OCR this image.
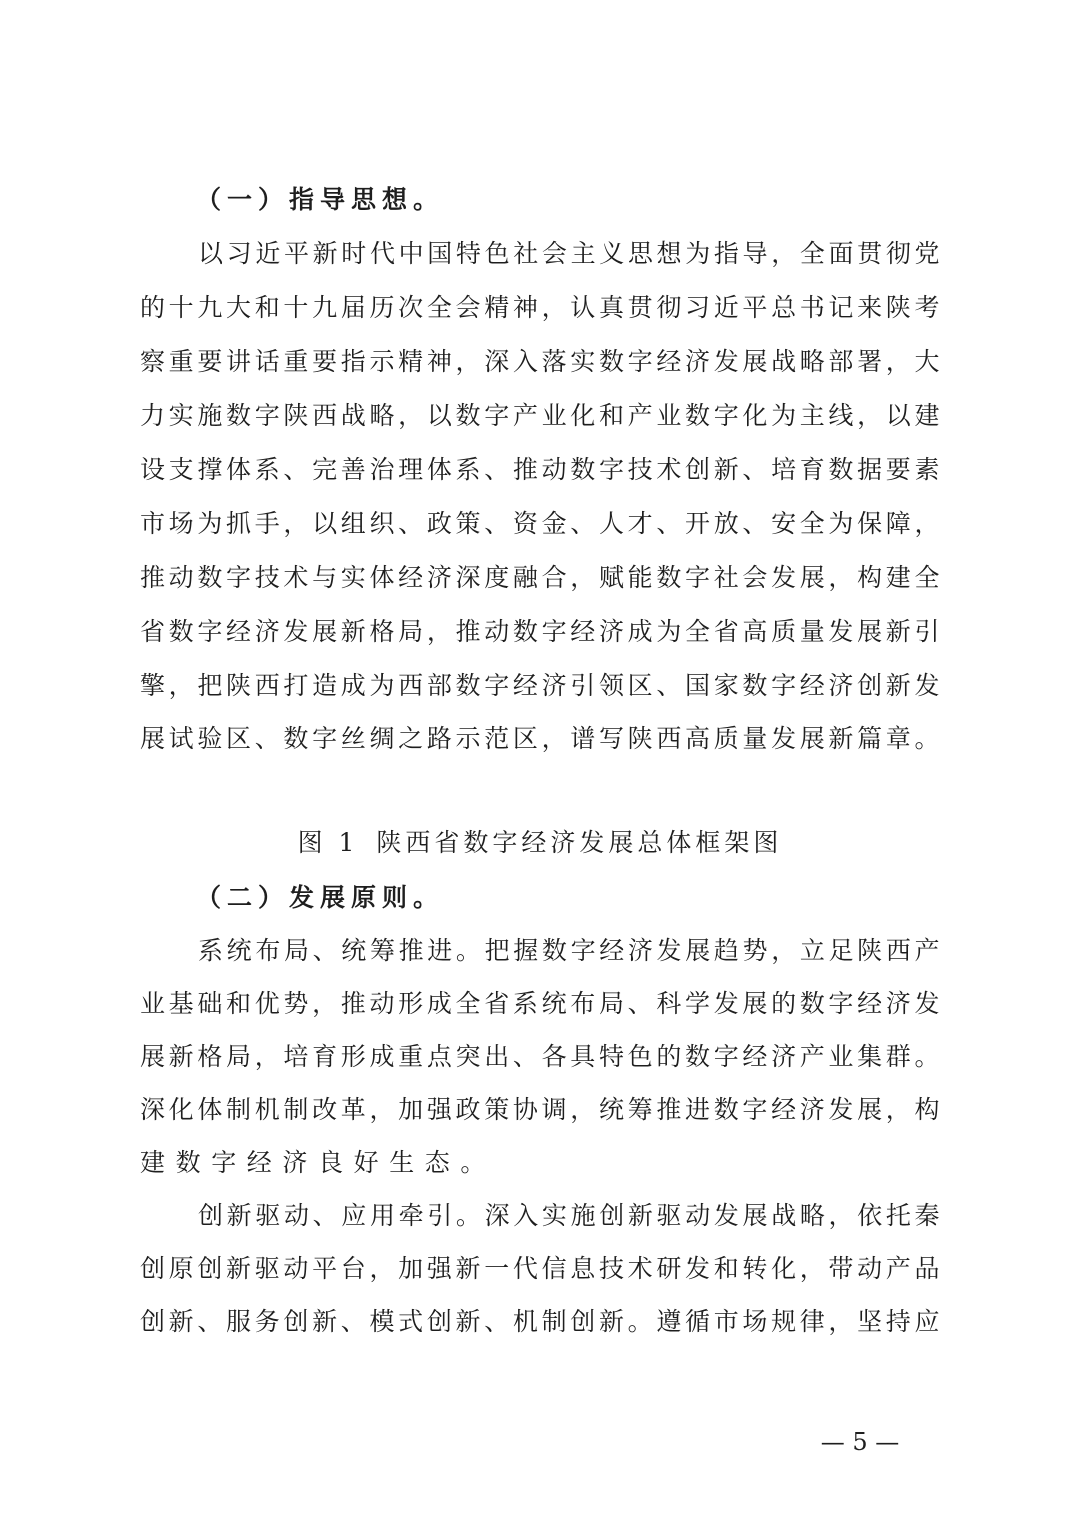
（一）指导思想。
以习近平新时代中国特色社会主义思想为指导，全面贯彻党
的十九大和十九届历次全会精神，认真贯彻习近平总书记来陕考
察重要讲话重要指示精神，深入落实数字经济发展战略部署，大
力实施数字陕西战略，以数字产业化和产业数字化为主线，以建
设支撑体系、完善治理体系、推动数字技术创新、培育数据要素
市场为抓手，以组织、政策、资金、人才、开放、安全为保障，
推动数字技术与实体经济深度融合，赋能数字社会发展，构建全
省数字经济发展新格局，推动数字经济成为全省高质量发展新引
擎，把陕西打造成为西部数字经济引领区、国家数字经济创新发
展试验区、数字丝绸之路示范区，谱写陕西高质量发展新篇章。
图 1 陕西省数字经济发展总体框架图
（二）发展原则。
系统布局、统筹推进。把握数字经济发展趋势，立足陕西产
业基础和优势，推动形成全省系统布局、科学发展的数字经济发
展新格局，培育形成重点突出、各具特色的数字经济产业集群。
深化体制机制改革，加强政策协调，统筹推进数字经济发展，构
建数字经济良好生态。
创新驱动、应用牵引。深入实施创新驱动发展战略，依托秦
创原创新驱动平台，加强新一代信息技术研发和转化，带动产品
创新、服务创新、模式创新、机制创新。遵循市场规律，坚持应
— 5 —
